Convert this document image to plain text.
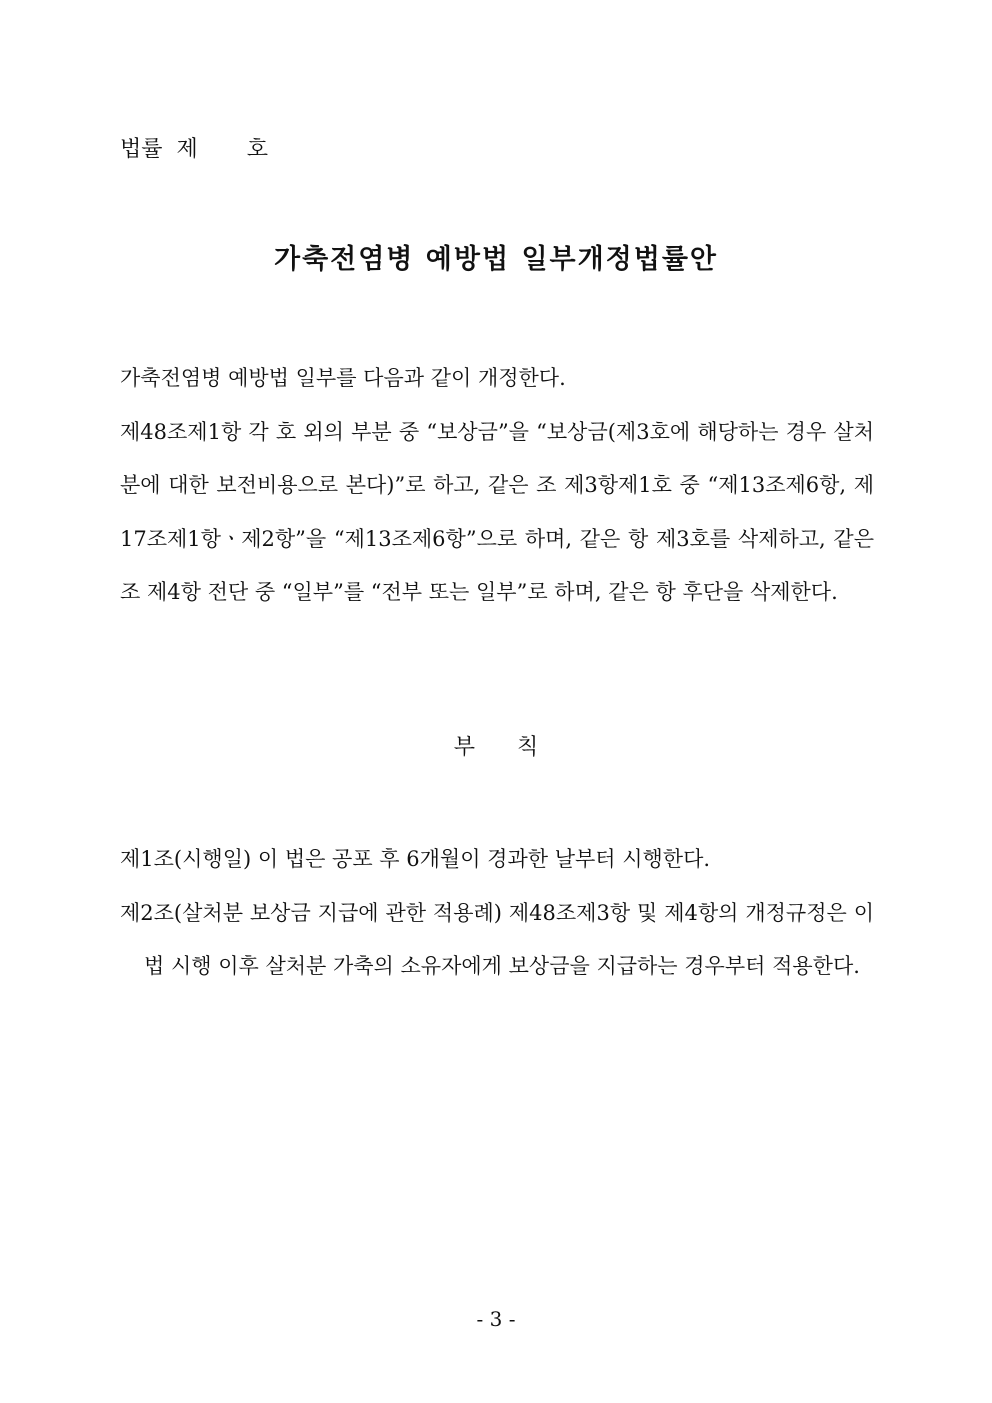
법률  제       호
가축전염병 예방법 일부개정법률안

가축전염병 예방법 일부를 다음과 같이 개정한다.

제48조제1항 각 호 외의 부분 중 “보상금”을 “보상금(제3호에 해당하는 경우 살처분에 대한 보전비용으로 본다)”로 하고, 같은 조 제3항제1호 중 “제13조제6항, 제17조제1항ㆍ제2항”을 “제13조제6항”으로 하며, 같은 항 제3호를 삭제하고, 같은 조 제4항 전단 중 “일부”를 “전부 또는 일부”로 하며, 같은 항 후단을 삭제한다.

부      칙

제1조(시행일) 이 법은 공포 후 6개월이 경과한 날부터 시행한다.

제2조(살처분 보상금 지급에 관한 적용례) 제48조제3항 및 제4항의 개정규정은 이 법 시행 이후 살처분 가축의 소유자에게 보상금을 지급하는 경우부터 적용한다.

- 3 -
